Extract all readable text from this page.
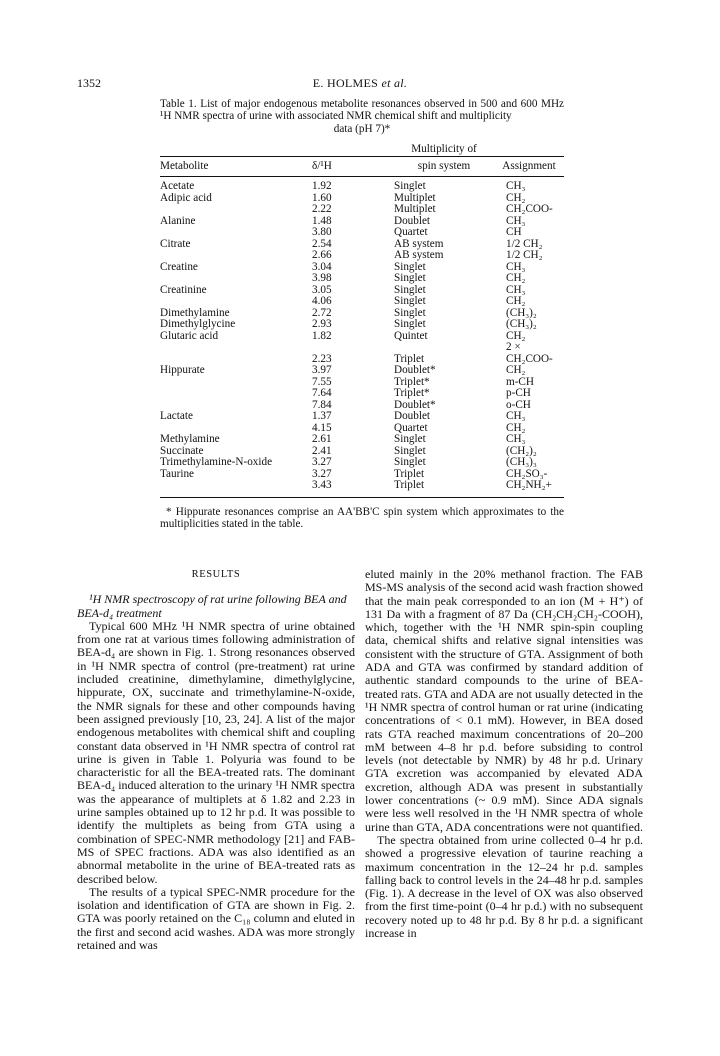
1352	E. HOLMES et al.
Table 1. List of major endogenous metabolite resonances observed in 500 and 600 MHz ¹H NMR spectra of urine with associated NMR chemical shift and multiplicity
data (pH 7)*
		Multiplicity of	
Metabolite	δ/¹H	spin system	Assignment
Acetate	1.92	Singlet	CH₃
Adipic acid	1.60	Multiplet	CH₂
	2.22	Multiplet	CH₂COO-
Alanine	1.48	Doublet	CH₃
	3.80	Quartet	CH
Citrate	2.54	AB system	1/2 CH₂
	2.66	AB system	1/2 CH₂
Creatine	3.04	Singlet	CH₃
	3.98	Singlet	CH₂
Creatinine	3.05	Singlet	CH₃
	4.06	Singlet	CH₂
Dimethylamine	2.72	Singlet	(CH₃)₂
Dimethylglycine	2.93	Singlet	(CH₃)₂
Glutaric acid	1.82	Quintet	CH₂
	2.23	Triplet	2 × CH₂COO-
Hippurate	3.97	Doublet*	CH₂
	7.55	Triplet*	m-CH
	7.64	Triplet*	p-CH
	7.84	Doublet*	o-CH
Lactate	1.37	Doublet	CH₃
	4.15	Quartet	CH₂
Methylamine	2.61	Singlet	CH₃
Succinate	2.41	Singlet	(CH₂)₂
Trimethylamine-N-oxide	3.27	Singlet	(CH₃)₃
Taurine	3.27	Triplet	CH₂SO₃-
	3.43	Triplet	CH₂NH₂+
* Hippurate resonances comprise an AA'BB'C spin system which approximates to the multiplicities stated in the table.
RESULTS

¹H NMR spectroscopy of rat urine following BEA and BEA-d₄ treatment

Typical 600 MHz ¹H NMR spectra of urine obtained from one rat at various times following administration of BEA-d₄ are shown in Fig. 1. Strong resonances observed in ¹H NMR spectra of control (pre-treatment) rat urine included creatinine, dimethylamine, dimethylglycine, hippurate, OX, succinate and trimethylamine-N-oxide, the NMR signals for these and other compounds having been assigned previously [10, 23, 24]. A list of the major endogenous metabolites with chemical shift and coupling constant data observed in ¹H NMR spectra of control rat urine is given in Table 1. Polyuria was found to be characteristic for all the BEA-treated rats. The dominant BEA-d₄ induced alteration to the urinary ¹H NMR spectra was the appearance of multiplets at δ 1.82 and 2.23 in urine samples obtained up to 12 hr p.d. It was possible to identify the multiplets as being from GTA using a combination of SPEC-NMR methodology [21] and FAB-MS of SPEC fractions. ADA was also identified as an abnormal metabolite in the urine of BEA-treated rats as described below.

The results of a typical SPEC-NMR procedure for the isolation and identification of GTA are shown in Fig. 2. GTA was poorly retained on the C₁₈ column and eluted in the first and second acid washes. ADA was more strongly retained and was

eluted mainly in the 20% methanol fraction. The FAB MS-MS analysis of the second acid wash fraction showed that the main peak corresponded to an ion (M + H⁺) of 131 Da with a fragment of 87 Da (CH₂CH₂CH₂-COOH), which, together with the ¹H NMR spin-spin coupling data, chemical shifts and relative signal intensities was consistent with the structure of GTA. Assignment of both ADA and GTA was confirmed by standard addition of authentic standard compounds to the urine of BEA-treated rats. GTA and ADA are not usually detected in the ¹H NMR spectra of control human or rat urine (indicating concentrations of < 0.1 mM). However, in BEA dosed rats GTA reached maximum concentrations of 20–200 mM between 4–8 hr p.d. before subsiding to control levels (not detectable by NMR) by 48 hr p.d. Urinary GTA excretion was accompanied by elevated ADA excretion, although ADA was present in substantially lower concentrations (~ 0.9 mM). Since ADA signals were less well resolved in the ¹H NMR spectra of whole urine than GTA, ADA concentrations were not quantified.

The spectra obtained from urine collected 0–4 hr p.d. showed a progressive elevation of taurine reaching a maximum concentration in the 12–24 hr p.d. samples falling back to control levels in the 24–48 hr p.d. samples (Fig. 1). A decrease in the level of OX was also observed from the first time-point (0–4 hr p.d.) with no subsequent recovery noted up to 48 hr p.d. By 8 hr p.d. a significant increase in
